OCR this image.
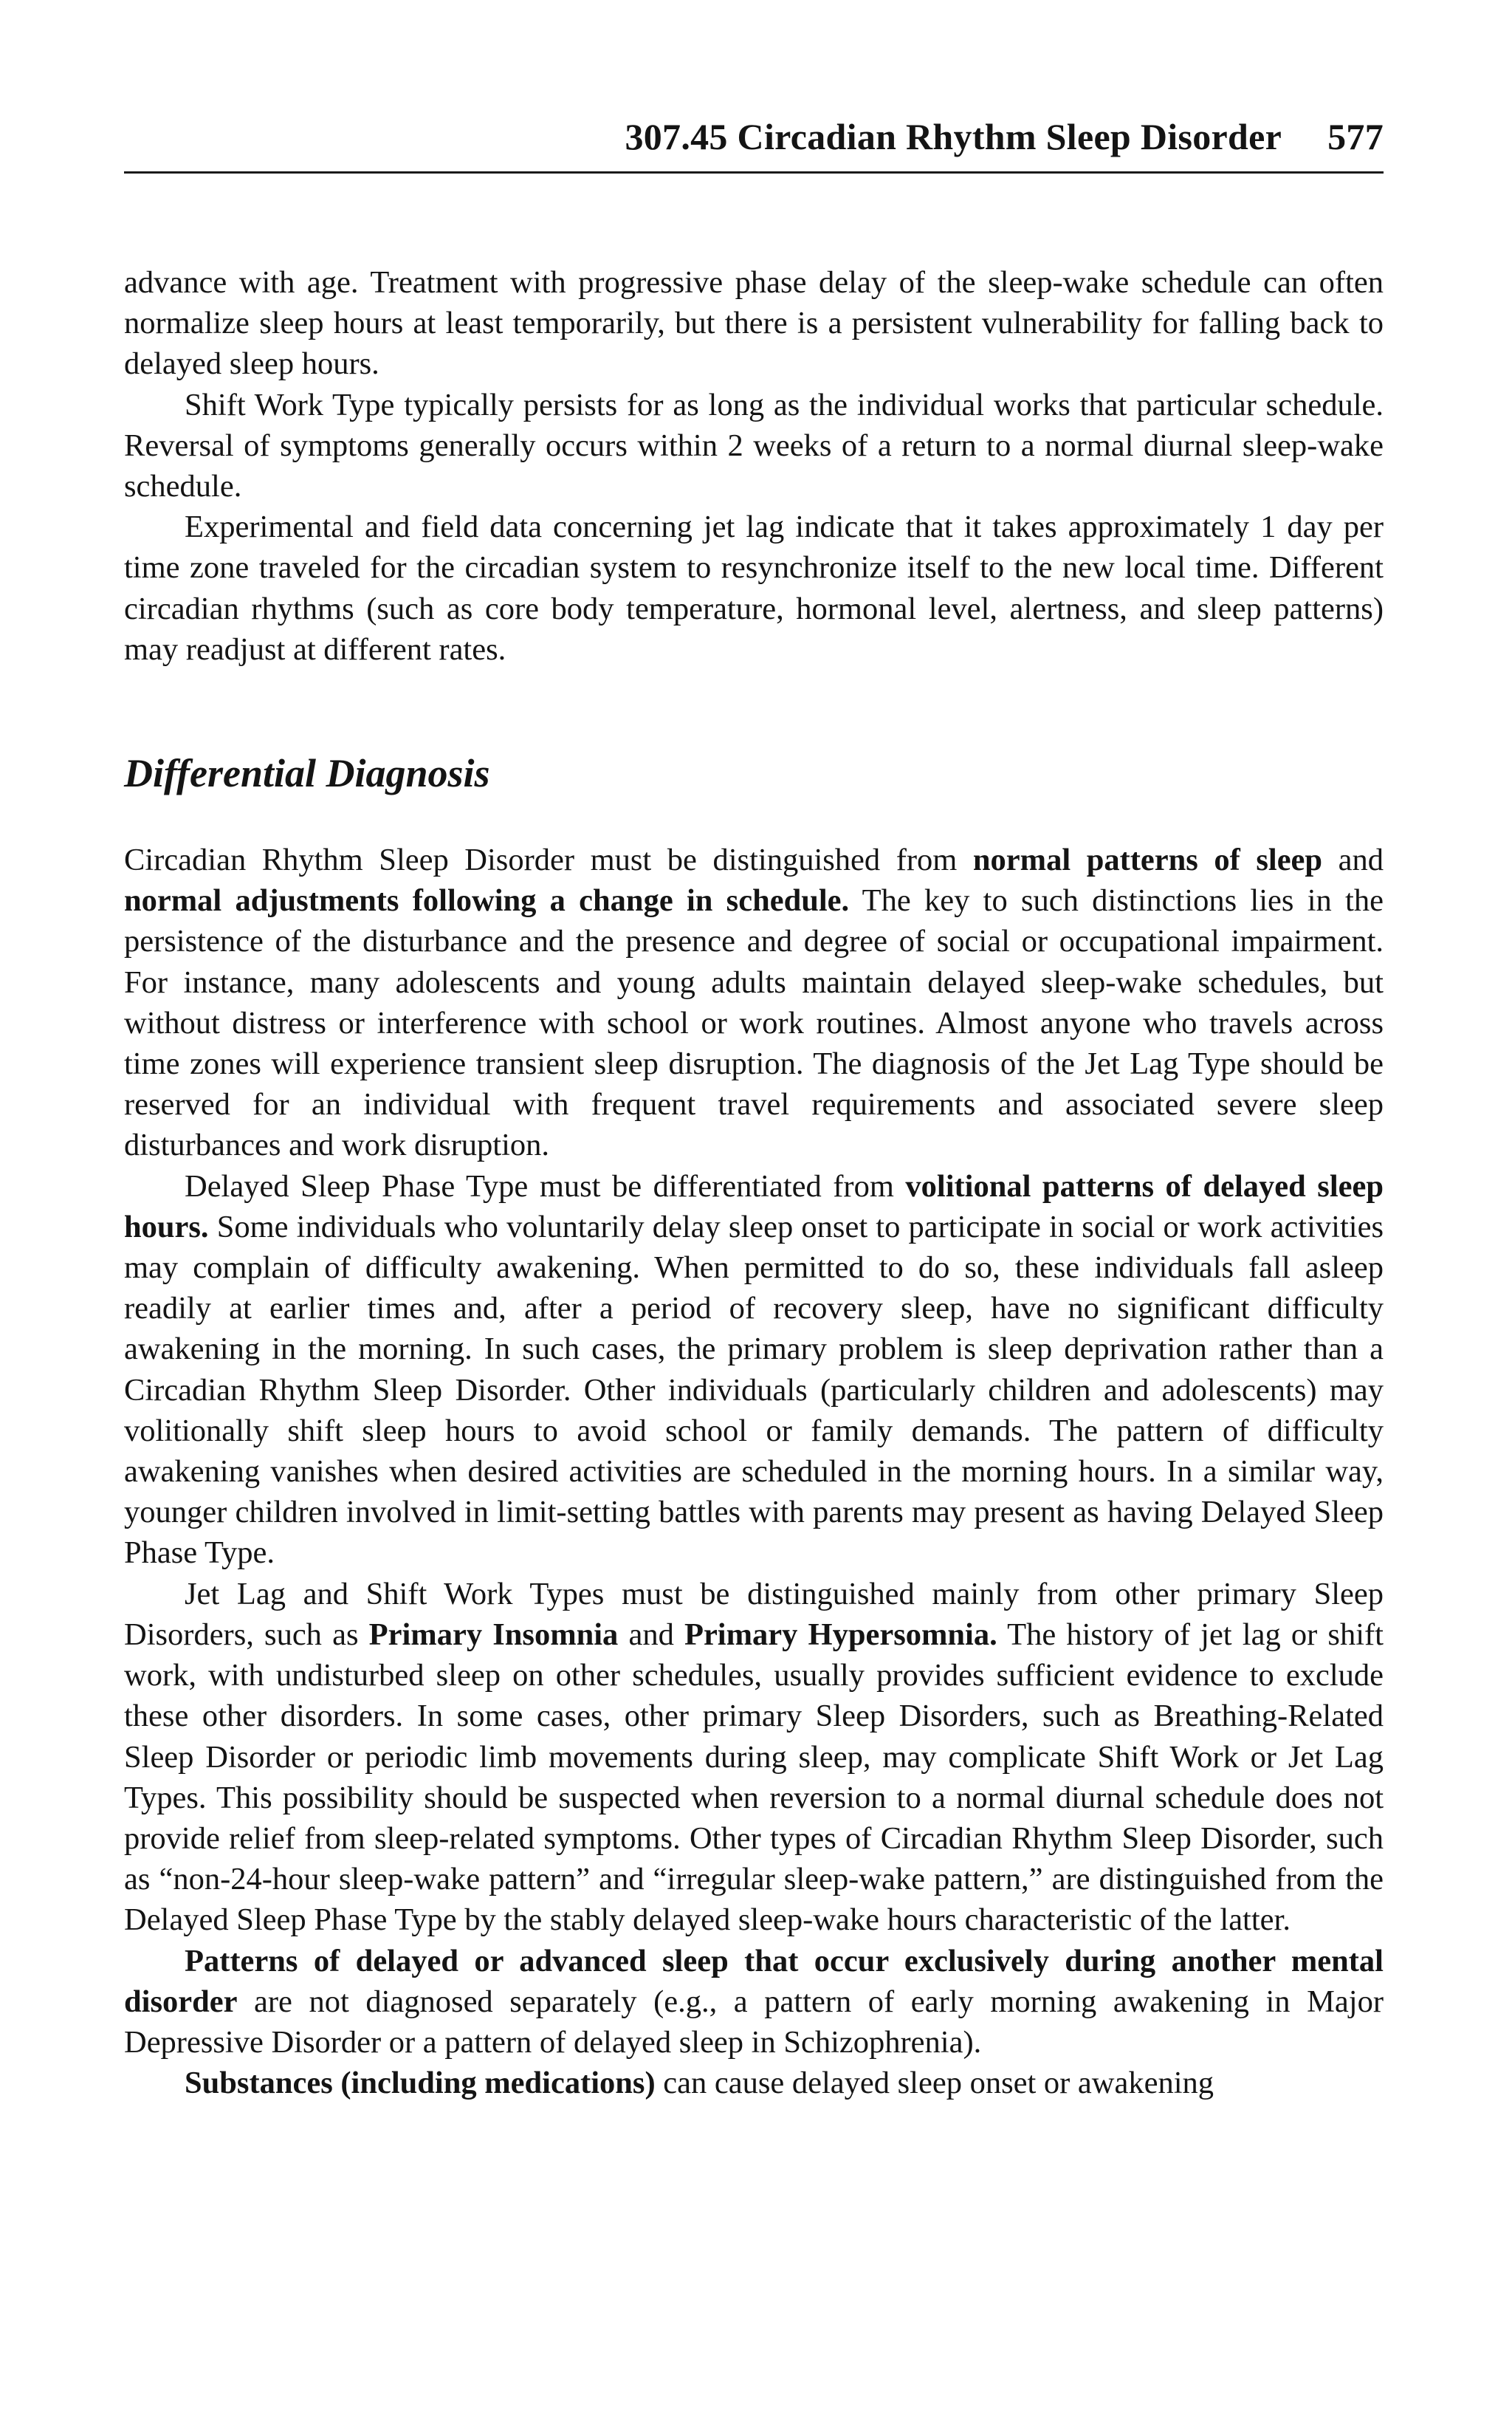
307.45 Circadian Rhythm Sleep Disorder 577

advance with age. Treatment with progressive phase delay of the sleep-wake schedule can often normalize sleep hours at least temporarily, but there is a persistent vulnerability for falling back to delayed sleep hours.

Shift Work Type typically persists for as long as the individual works that particular schedule. Reversal of symptoms generally occurs within 2 weeks of a return to a normal diurnal sleep-wake schedule.

Experimental and field data concerning jet lag indicate that it takes approximately 1 day per time zone traveled for the circadian system to resynchronize itself to the new local time. Different circadian rhythms (such as core body temperature, hormonal level, alertness, and sleep patterns) may readjust at different rates.

Differential Diagnosis

Circadian Rhythm Sleep Disorder must be distinguished from normal patterns of sleep and normal adjustments following a change in schedule. The key to such distinctions lies in the persistence of the disturbance and the presence and degree of social or occupational impairment. For instance, many adolescents and young adults maintain delayed sleep-wake schedules, but without distress or interference with school or work routines. Almost anyone who travels across time zones will experience transient sleep disruption. The diagnosis of the Jet Lag Type should be reserved for an individual with frequent travel requirements and associated severe sleep disturbances and work disruption.

Delayed Sleep Phase Type must be differentiated from volitional patterns of delayed sleep hours. Some individuals who voluntarily delay sleep onset to participate in social or work activities may complain of difficulty awakening. When permitted to do so, these individuals fall asleep readily at earlier times and, after a period of recovery sleep, have no significant difficulty awakening in the morning. In such cases, the primary problem is sleep deprivation rather than a Circadian Rhythm Sleep Disorder. Other individuals (particularly children and adolescents) may volitionally shift sleep hours to avoid school or family demands. The pattern of difficulty awakening vanishes when desired activities are scheduled in the morning hours. In a similar way, younger children involved in limit-setting battles with parents may present as having Delayed Sleep Phase Type.

Jet Lag and Shift Work Types must be distinguished mainly from other primary Sleep Disorders, such as Primary Insomnia and Primary Hypersomnia. The history of jet lag or shift work, with undisturbed sleep on other schedules, usually provides sufficient evidence to exclude these other disorders. In some cases, other primary Sleep Disorders, such as Breathing-Related Sleep Disorder or periodic limb movements during sleep, may complicate Shift Work or Jet Lag Types. This possibility should be suspected when reversion to a normal diurnal schedule does not provide relief from sleep-related symptoms. Other types of Circadian Rhythm Sleep Disorder, such as “non-24-hour sleep-wake pattern” and “irregular sleep-wake pattern,” are distinguished from the Delayed Sleep Phase Type by the stably delayed sleep-wake hours characteristic of the latter.

Patterns of delayed or advanced sleep that occur exclusively during another mental disorder are not diagnosed separately (e.g., a pattern of early morning awakening in Major Depressive Disorder or a pattern of delayed sleep in Schizophrenia).

Substances (including medications) can cause delayed sleep onset or awakening
